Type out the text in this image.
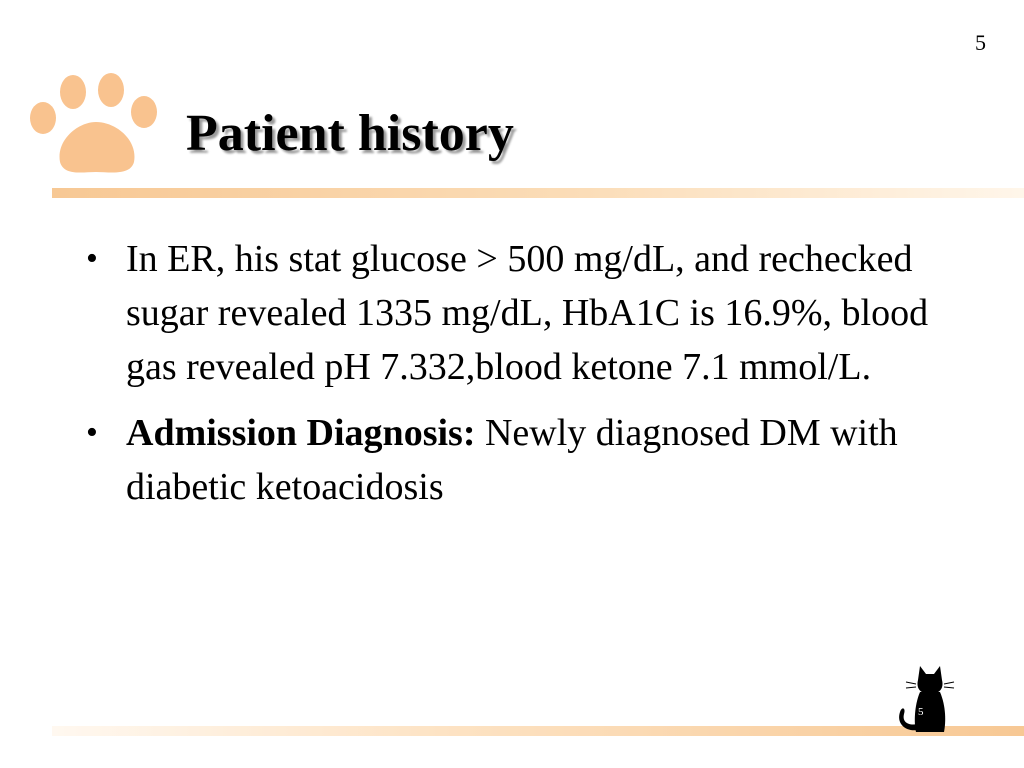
5
Patient history
• In ER, his stat glucose > 500 mg/dL, and rechecked sugar revealed 1335 mg/dL, HbA1C is 16.9%, blood gas revealed pH 7.332,blood ketone 7.1 mmol/L.
• Admission Diagnosis: Newly diagnosed DM with diabetic ketoacidosis
5
